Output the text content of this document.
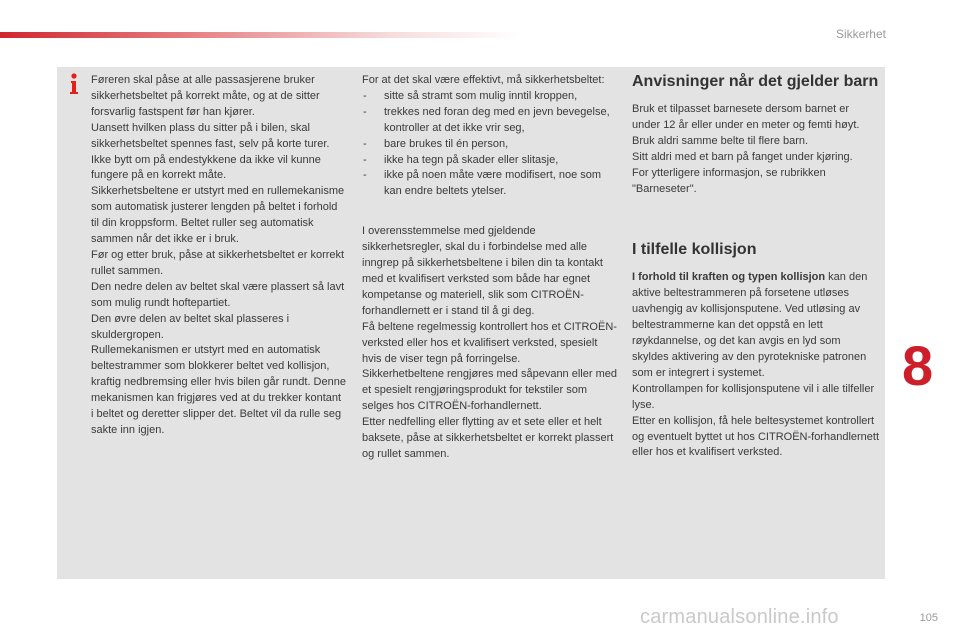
Sikkerhet

Føreren skal påse at alle passasjerene bruker sikkerhetsbeltet på korrekt måte, og at de sitter forsvarlig fastspent før han kjører.

Uansett hvilken plass du sitter på i bilen, skal sikkerhetsbeltet spennes fast, selv på korte turer.

Ikke bytt om på endestykkene da ikke vil kunne fungere på en korrekt måte.

Sikkerhetsbeltene er utstyrt med en rullemekanisme som automatisk justerer lengden på beltet i forhold til din kroppsform. Beltet ruller seg automatisk sammen når det ikke er i bruk.

Før og etter bruk, påse at sikkerhetsbeltet er korrekt rullet sammen.

Den nedre delen av beltet skal være plassert så lavt som mulig rundt hoftepartiet.

Den øvre delen av beltet skal plasseres i skuldergropen.

Rullemekanismen er utstyrt med en automatisk beltestrammer som blokkerer beltet ved kollisjon, kraftig nedbremsing eller hvis bilen går rundt. Denne mekanismen kan frigjøres ved at du trekker kontant i beltet og deretter slipper det. Beltet vil da rulle seg sakte inn igjen.

For at det skal være effektivt, må sikkerhetsbeltet:

- sitte så stramt som mulig inntil kroppen,
- trekkes ned foran deg med en jevn bevegelse, kontroller at det ikke vrir seg,
- bare brukes til én person,
- ikke ha tegn på skader eller slitasje,
- ikke på noen måte være modifisert, noe som kan endre beltets ytelser.

I overensstemmelse med gjeldende sikkerhetsregler, skal du i forbindelse med alle inngrep på sikkerhetsbeltene i bilen din ta kontakt med et kvalifisert verksted som både har egnet kompetanse og materiell, slik som CITROËN-forhandlernett er i stand til å gi deg.

Få beltene regelmessig kontrollert hos et CITROËN-verksted eller hos et kvalifisert verksted, spesielt hvis de viser tegn på forringelse.

Sikkerhetbeltene rengjøres med såpevann eller med et spesielt rengjøringsprodukt for tekstiler som selges hos CITROËN-forhandlernett.

Etter nedfelling eller flytting av et sete eller et helt baksete, påse at sikkerhetsbeltet er korrekt plassert og rullet sammen.

Anvisninger når det gjelder barn

Bruk et tilpasset barnesete dersom barnet er under 12 år eller under en meter og femti høyt.

Bruk aldri samme belte til flere barn.

Sitt aldri med et barn på fanget under kjøring.

For ytterligere informasjon, se rubrikken "Barneseter".

I tilfelle kollisjon

I forhold til kraften og typen kollisjon kan den aktive beltestrammeren på forsetene utløses uavhengig av kollisjonsputene. Ved utløsing av beltestrammerne kan det oppstå en lett røykdannelse, og det kan avgis en lyd som skyldes aktivering av den pyrotekniske patronen som er integrert i systemet.

Kontrollampen for kollisjonsputene vil i alle tilfeller lyse.

Etter en kollisjon, få hele beltesystemet kontrollert og eventuelt byttet ut hos CITROËN-forhandlernett eller hos et kvalifisert verksted.

8
105
carmanualsonline.info
